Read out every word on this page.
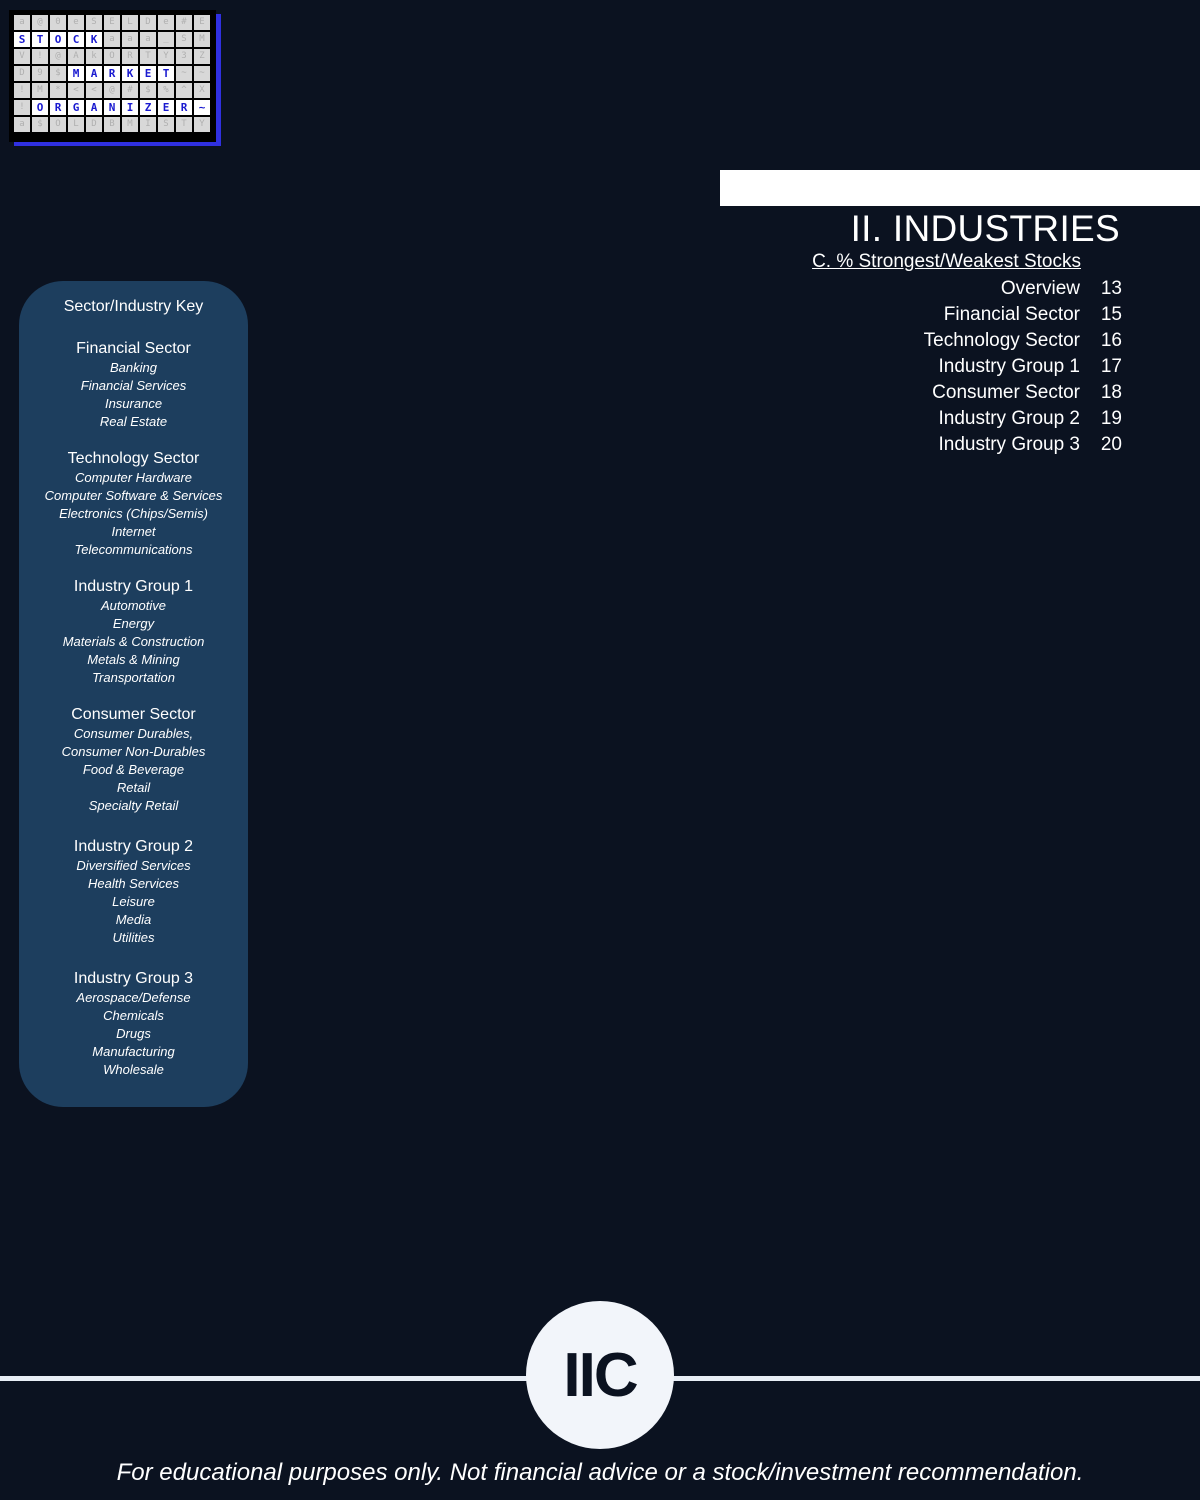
a	@	0	e	S	E	L	D	e	#	E
S	T	O	C	K	a	a	a	_	S	M
V	!	@	A	k	O	R	T	Y	3	Z
D	9	$	M	A	R	K	E	T	~	~
!	M	*	<	<	@	#	$	%	^	X
!	O	R	G	A	N	I	Z	E	R	~
a	$	O	L	D	B	M	I	S	T	Y
II. INDUSTRIES

C. % Strongest/Weakest Stocks

Overview	13
Financial Sector	15
Technology Sector	16
Industry Group 1	17
Consumer Sector	18
Industry Group 2	19
Industry Group 3	20
Sector/Industry Key
Financial Sector
Banking
Financial Services
Insurance
Real Estate
Technology Sector
Computer Hardware
Computer Software & Services
Electronics (Chips/Semis)
Internet
Telecommunications
Industry Group 1
Automotive
Energy
Materials & Construction
Metals & Mining
Transportation
Consumer Sector
Consumer Durables,
Consumer Non-Durables
Food & Beverage
Retail
Specialty Retail
Industry Group 2
Diversified Services
Health Services
Leisure
Media
Utilities
Industry Group 3
Aerospace/Defense
Chemicals
Drugs
Manufacturing
Wholesale
IIC
For educational purposes only. Not financial advice or a stock/investment recommendation.
